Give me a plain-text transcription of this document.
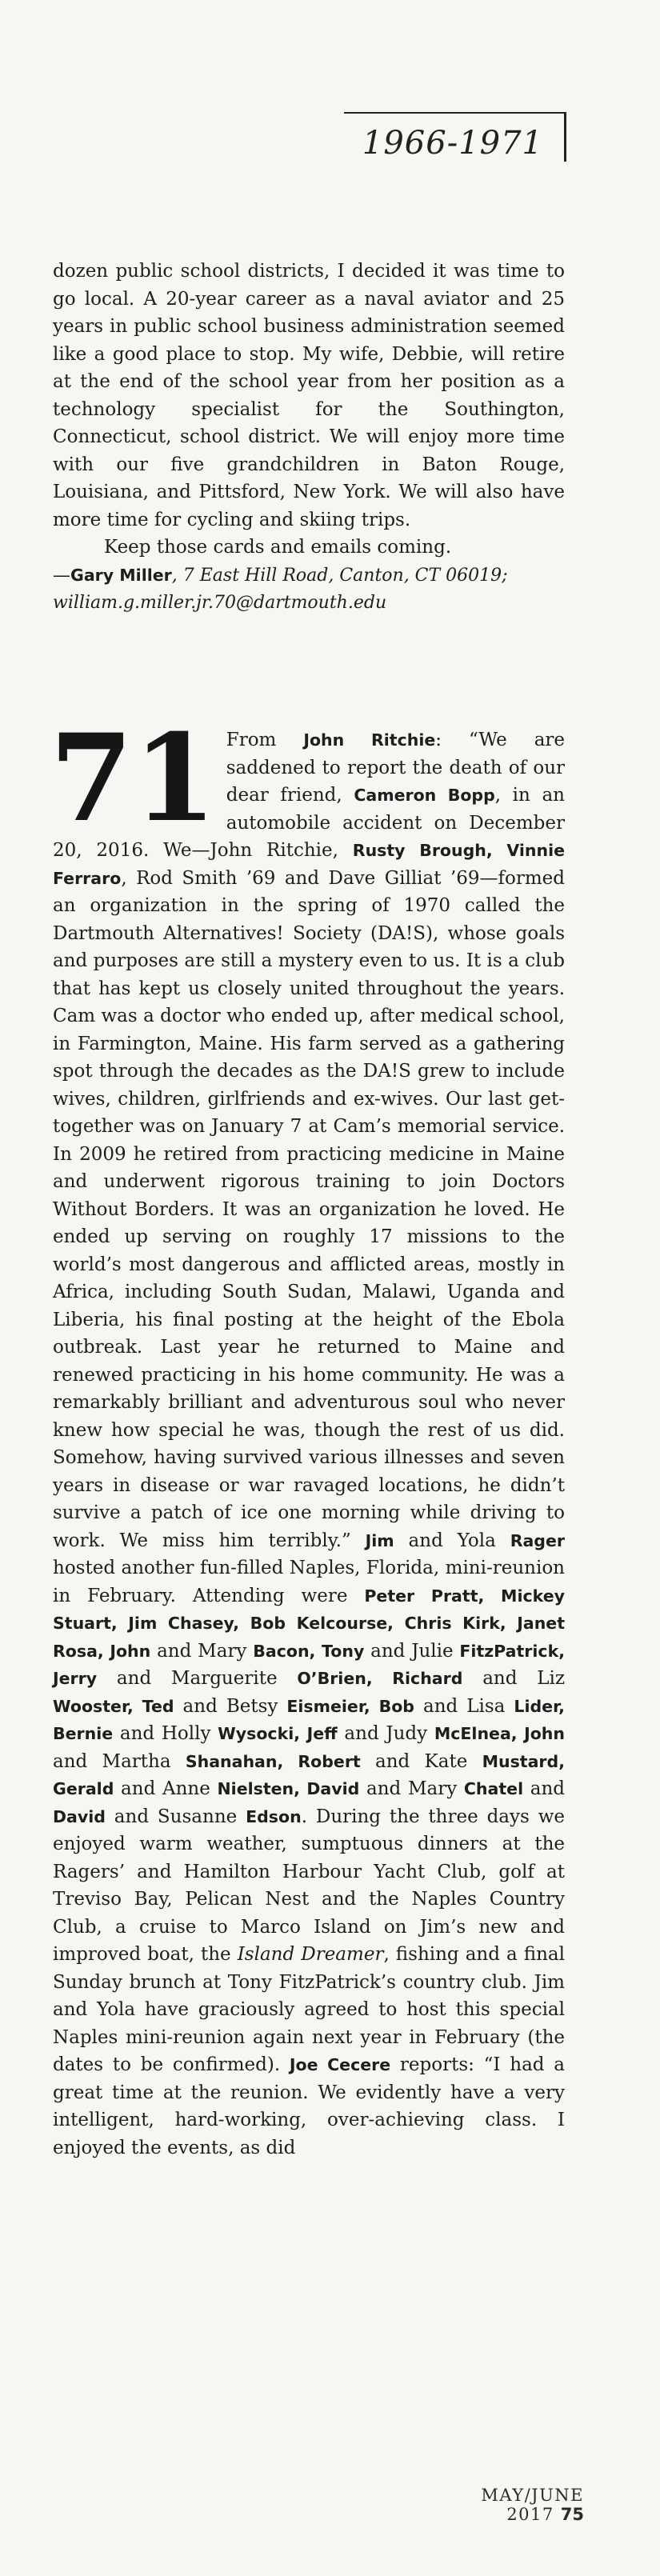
1966-1971

dozen public school districts, I decided it was time to go local. A 20-year career as a naval aviator and 25 years in public school business administration seemed like a good place to stop. My wife, Debbie, will retire at the end of the school year from her position as a technology specialist for the Southington, Connecticut, school district. We will enjoy more time with our five grandchildren in Baton Rouge, Louisiana, and Pittsford, New York. We will also have more time for cycling and skiing trips.

Keep those cards and emails coming.

—Gary Miller, 7 East Hill Road, Canton, CT 06019;
william.g.miller.jr.70@dartmouth.edu

71 From John Ritchie: “We are saddened to report the death of our dear friend, Cameron Bopp, in an automobile accident on December 20, 2016. We—John Ritchie, Rusty Brough, Vinnie Ferraro, Rod Smith ’69 and Dave Gilliat ’69—formed an organization in the spring of 1970 called the Dartmouth Alternatives! Society (DA!S), whose goals and purposes are still a mystery even to us. It is a club that has kept us closely united throughout the years. Cam was a doctor who ended up, after medical school, in Farmington, Maine. His farm served as a gathering spot through the decades as the DA!S grew to include wives, children, girlfriends and ex-wives. Our last get-together was on January 7 at Cam’s memorial service. In 2009 he retired from practicing medicine in Maine and underwent rigorous training to join Doctors Without Borders. It was an organization he loved. He ended up serving on roughly 17 missions to the world’s most dangerous and afflicted areas, mostly in Africa, including South Sudan, Malawi, Uganda and Liberia, his final posting at the height of the Ebola outbreak. Last year he returned to Maine and renewed practicing in his home community. He was a remarkably brilliant and adventurous soul who never knew how special he was, though the rest of us did. Somehow, having survived various illnesses and seven years in disease or war ravaged locations, he didn’t survive a patch of ice one morning while driving to work. We miss him terribly.” Jim and Yola Rager hosted another fun-filled Naples, Florida, mini-reunion in February. Attending were Peter Pratt, Mickey Stuart, Jim Chasey, Bob Kelcourse, Chris Kirk, Janet Rosa, John and Mary Bacon, Tony and Julie FitzPatrick, Jerry and Marguerite O’Brien, Richard and Liz Wooster, Ted and Betsy Eismeier, Bob and Lisa Lider, Bernie and Holly Wysocki, Jeff and Judy McElnea, John and Martha Shanahan, Robert and Kate Mustard, Gerald and Anne Nielsten, David and Mary Chatel and David and Susanne Edson. During the three days we enjoyed warm weather, sumptuous dinners at the Ragers’ and Hamilton Harbour Yacht Club, golf at Treviso Bay, Pelican Nest and the Naples Country Club, a cruise to Marco Island on Jim’s new and improved boat, the Island Dreamer, fishing and a final Sunday brunch at Tony FitzPatrick’s country club. Jim and Yola have graciously agreed to host this special Naples mini-reunion again next year in February (the dates to be confirmed). Joe Cecere reports: “I had a great time at the reunion. We evidently have a very intelligent, hard-working, over-achieving class. I enjoyed the events, as did

MAY/JUNE 2017 75
